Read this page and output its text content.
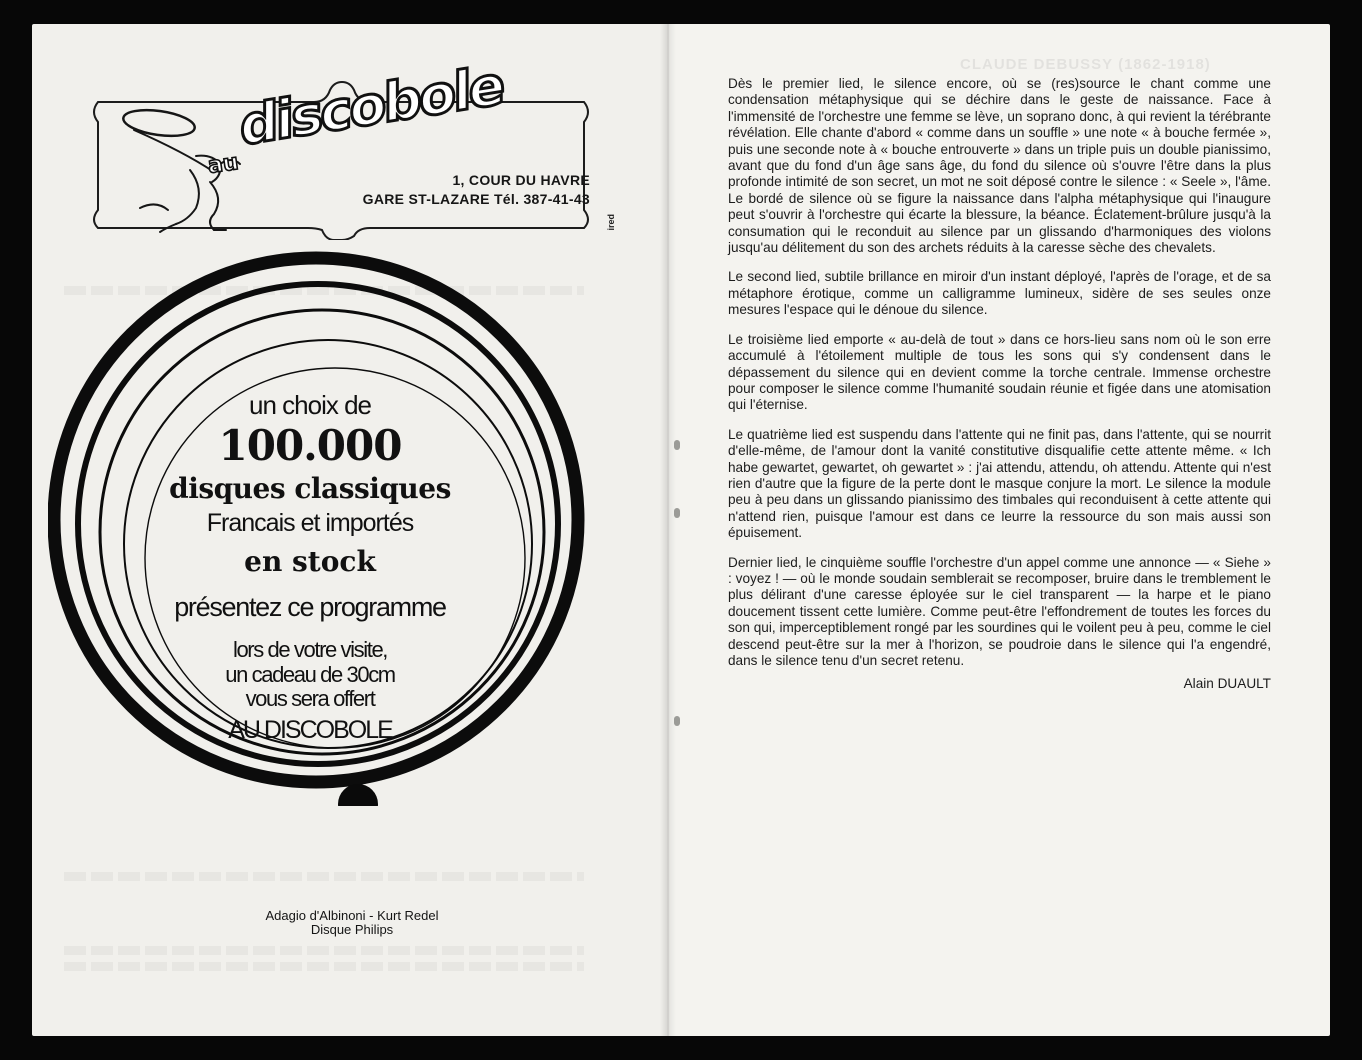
au
discobole
1, COUR DU HAVRE
GARE ST-LAZARE Tél. 387-41-43
ired
un choix de
100.000
disques classiques
Francais et importés
en stock
présentez ce programme
lors de votre visite,
un cadeau de 30cm
vous sera offert
AU DISCOBOLE
Adagio d'Albinoni - Kurt Redel
Disque Philips
CLAUDE DEBUSSY (1862-1918)

Dès le premier lied, le silence encore, où se (res)source le chant comme une condensation métaphysique qui se déchire dans le geste de naissance. Face à l'immensité de l'orchestre une femme se lève, un soprano donc, à qui revient la térébrante révélation. Elle chante d'abord « comme dans un souffle » une note « à bouche fermée », puis une seconde note à « bouche entrouverte » dans un triple puis un double pianissimo, avant que du fond d'un âge sans âge, du fond du silence où s'ouvre l'être dans la plus profonde intimité de son secret, un mot ne soit déposé contre le silence : « Seele », l'âme. Le bordé de silence où se figure la naissance dans l'alpha métaphysique qui l'inaugure peut s'ouvrir à l'orchestre qui écarte la blessure, la béance. Éclatement-brûlure jusqu'à la consumation qui le reconduit au silence par un glissando d'harmoniques des violons jusqu'au délitement du son des archets réduits à la caresse sèche des chevalets.

Le second lied, subtile brillance en miroir d'un instant déployé, l'après de l'orage, et de sa métaphore érotique, comme un calligramme lumineux, sidère de ses seules onze mesures l'espace qui le dénoue du silence.

Le troisième lied emporte « au-delà de tout » dans ce hors-lieu sans nom où le son erre accumulé à l'étoilement multiple de tous les sons qui s'y condensent dans le dépassement du silence qui en devient comme la torche centrale. Immense orchestre pour composer le silence comme l'humanité soudain réunie et figée dans une atomisation qui l'éternise.

Le quatrième lied est suspendu dans l'attente qui ne finit pas, dans l'attente, qui se nourrit d'elle-même, de l'amour dont la vanité constitutive disqualifie cette attente même. « Ich habe gewartet, gewartet, oh gewartet » : j'ai attendu, attendu, oh attendu. Attente qui n'est rien d'autre que la figure de la perte dont le masque conjure la mort. Le silence la module peu à peu dans un glissando pianissimo des timbales qui reconduisent à cette attente qui n'attend rien, puisque l'amour est dans ce leurre la ressource du son mais aussi son épuisement.

Dernier lied, le cinquième souffle l'orchestre d'un appel comme une annonce — « Siehe » : voyez ! — où le monde soudain semblerait se recomposer, bruire dans le tremblement le plus délirant d'une caresse éployée sur le ciel transparent — la harpe et le piano doucement tissent cette lumière. Comme peut-être l'effondrement de toutes les forces du son qui, imperceptiblement rongé par les sourdines qui le voilent peu à peu, comme le ciel descend peut-être sur la mer à l'horizon, se poudroie dans le silence qui l'a engendré, dans le silence tenu d'un secret retenu.

Alain DUAULT
